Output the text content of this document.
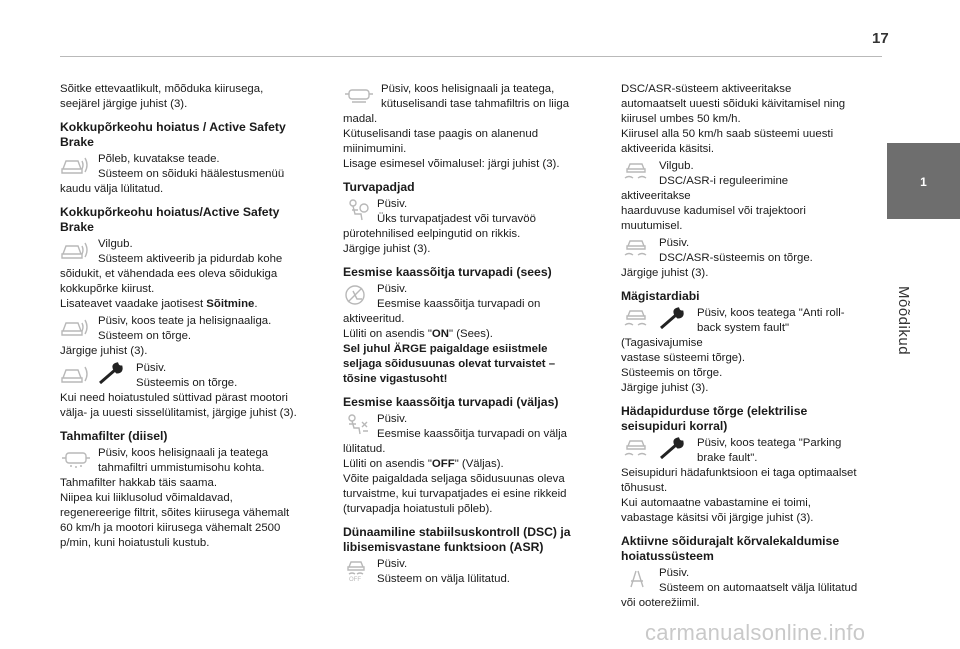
17
1
Mõõdikud

Sõitke ettevaatlikult, mõõduka kiirusega, seejärel järgige juhist (3).

Kokkupõrkeohu hoiatus / Active Safety Brake
Põleb, kuvatakse teade.
Süsteem on sõiduki häälestusmenüü

kaudu välja lülitatud.

Kokkupõrkeohu hoiatus/Active Safety Brake
Vilgub.
Süsteem aktiveerib ja pidurdab kohe

sõidukit, et vähendada ees oleva sõidukiga kokkupõrke kiirust.

Lisateavet vaadake jaotisest Sõitmine.

Püsiv, koos teate ja helisignaaliga.
Süsteem on tõrge.

Järgige juhist (3).

Püsiv.
Süsteemis on tõrge.

Kui need hoiatustuled süttivad pärast mootori välja- ja uuesti sisselülitamist, järgige juhist (3).

Tahmafilter (diisel)
Püsiv, koos helisignaali ja teatega tahmafiltri ummistumisohu kohta.

Tahmafilter hakkab täis saama.

Niipea kui liiklusolud võimaldavad, regenereerige filtrit, sõites kiirusega vähemalt 60 km/h ja mootori kiirusega vähemalt 2500 p/min, kuni hoiatustuli kustub.

Püsiv, koos helisignaali ja teatega, kütuselisandi tase tahmafiltris on liiga

madal.

Kütuselisandi tase paagis on alanenud miinimumini.

Lisage esimesel võimalusel: järgi juhist (3).

Turvapadjad
Püsiv.
Üks turvapatjadest või turvavöö

pürotehnilised eelpingutid on rikkis.

Järgige juhist (3).

Eesmise kaassõitja turvapadi (sees)
Püsiv.
Eesmise kaassõitja turvapadi on

aktiveeritud.

Lüliti on asendis "ON" (Sees).

Sel juhul ÄRGE paigaldage esiistmele seljaga sõidusuunas olevat turvaistet – tõsine vigastusoht!

Eesmise kaassõitja turvapadi (väljas)
Püsiv.
Eesmise kaassõitja turvapadi on välja

lülitatud.

Lüliti on asendis "OFF" (Väljas).

Võite paigaldada seljaga sõidusuunas oleva turvaistme, kui turvapatjades ei esine rikkeid (turvapadja hoiatustuli põleb).

Dünaamiline stabiilsuskontroll (DSC) ja libisemisvastane funktsioon (ASR)
OFF
Püsiv.
Süsteem on välja lülitatud.

DSC/ASR-süsteem aktiveeritakse automaatselt uuesti sõiduki käivitamisel ning kiirusel umbes 50 km/h.

Kiirusel alla 50 km/h saab süsteemi uuesti aktiveerida käsitsi.

Vilgub.
DSC/ASR-i reguleerimine aktiveeritakse

haarduvuse kadumisel või trajektoori muutumisel.

Püsiv.
DSC/ASR-süsteemis on tõrge.

Järgige juhist (3).

Mägistardiabi
Püsiv, koos teatega "Anti roll-back system fault" (Tagasivajumise

vastase süsteemi tõrge).

Süsteemis on tõrge.

Järgige juhist (3).

Hädapidurduse tõrge (elektrilise seisupiduri korral)
Püsiv, koos teatega "Parking brake fault".

Seisupiduri hädafunktsioon ei taga optimaalset tõhusust.

Kui automaatne vabastamine ei toimi, vabastage käsitsi või järgige juhist (3).

Aktiivne sõidurajalt kõrvalekaldumise hoiatussüsteem
Püsiv.
Süsteem on automaatselt välja lülitatud

või ooterežiimil.

carmanualsonline.info
